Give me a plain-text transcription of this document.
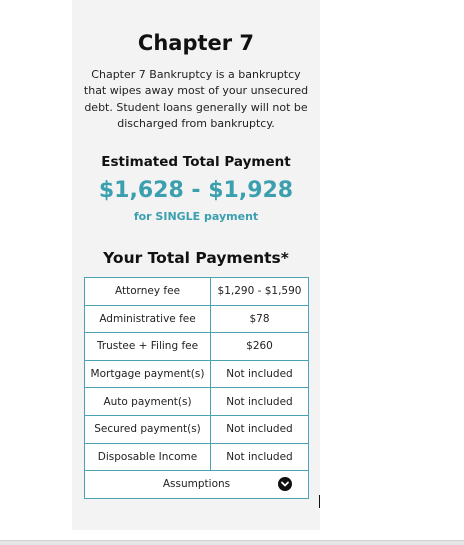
Chapter 7
Chapter 7 Bankruptcy is a bankruptcy that wipes away most of your unsecured debt. Student loans generally will not be discharged from bankruptcy.
Estimated Total Payment
$1,628 - $1,928
for SINGLE payment
Your Total Payments*
Attorney fee	$1,290 - $1,590
Administrative fee	$78
Trustee + Filing fee	$260
Mortgage payment(s)	Not included
Auto payment(s)	Not included
Secured payment(s)	Not included
Disposable Income	Not included
Assumptions	
